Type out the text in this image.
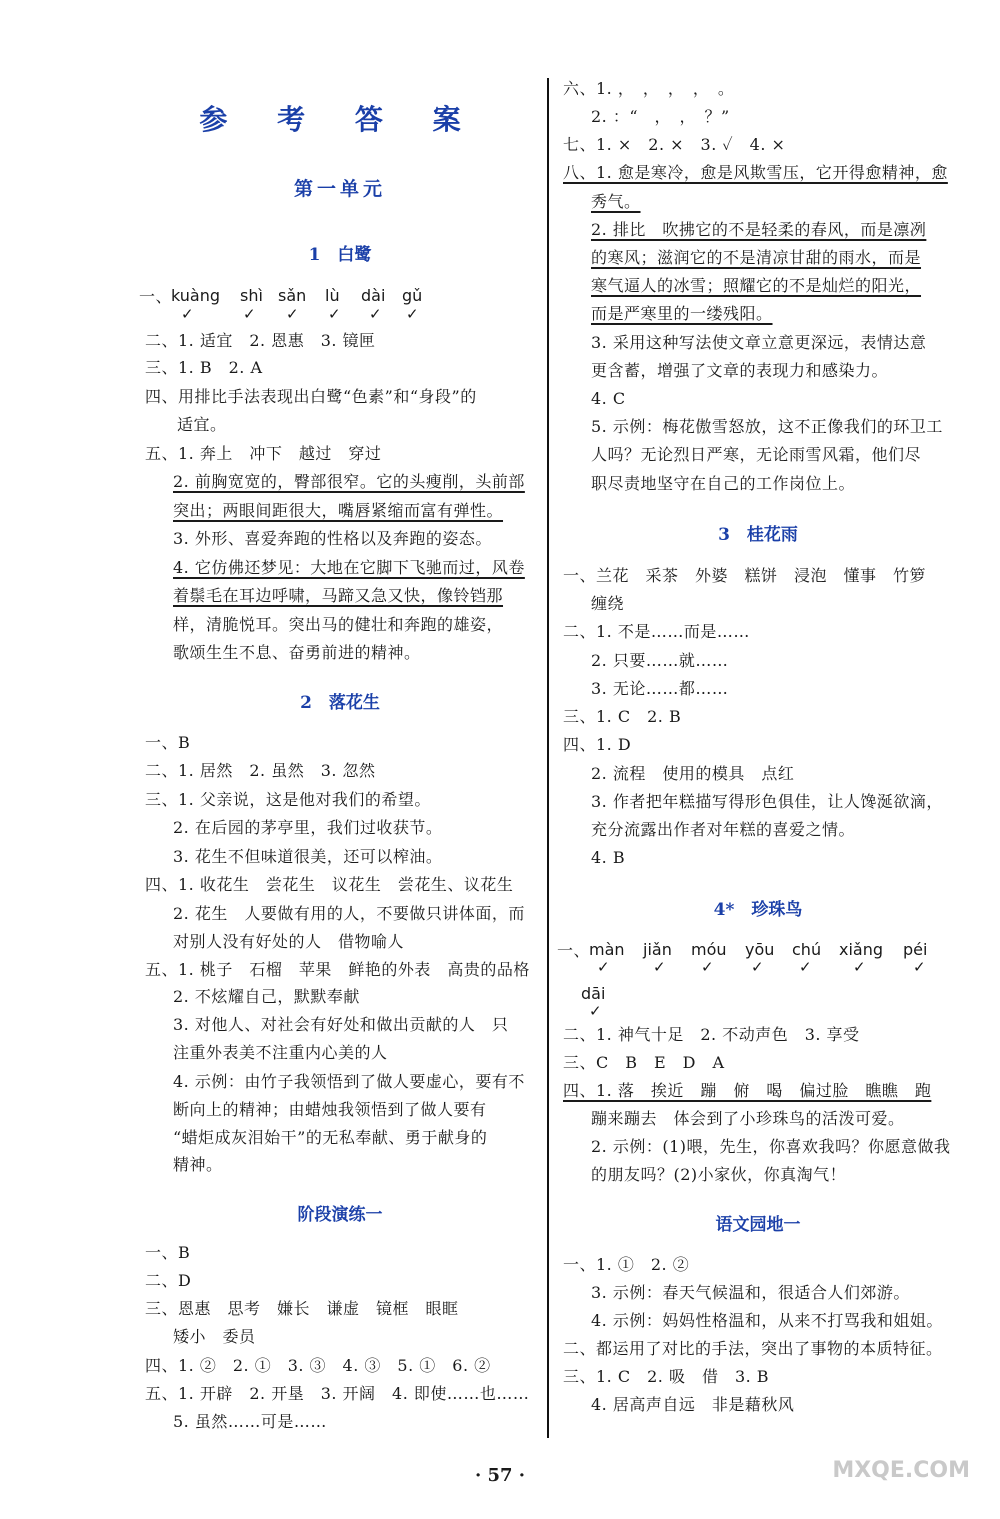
参 考 答 案
第一单元
1　白鹭
一、
kuàng shì sǎn lù dài gǔ
✓	✓ ✓ ✓ ✓ ✓
二、1. 适宜　2. 恩惠　3. 镜匣
三、1. B　2. A
四、用排比手法表现出白鹭“色素”和“身段”的
适宜。
五、1. 奔上　冲下　越过　穿过
2. 前胸宽宽的，臀部很窄。它的头瘦削，头前部
突出；两眼间距很大，嘴唇紧缩而富有弹性。
3. 外形、喜爱奔跑的性格以及奔跑的姿态。
4. 它仿佛还梦见：大地在它脚下飞驰而过，风卷
着鬃毛在耳边呼啸，马蹄又急又快，像铃铛那
样，清脆悦耳。突出马的健壮和奔跑的雄姿，
歌颂生生不息、奋勇前进的精神。
2　落花生
一、B
二、1. 居然　2. 虽然　3. 忽然
三、1. 父亲说，这是他对我们的希望。
2. 在后园的茅亭里，我们过收获节。
3. 花生不但味道很美，还可以榨油。
四、1. 收花生　尝花生　议花生　尝花生、议花生
2. 花生　人要做有用的人，不要做只讲体面，而
对别人没有好处的人　借物喻人
五、1. 桃子　石榴　苹果　鲜艳的外表　高贵的品格
2. 不炫耀自己，默默奉献
3. 对他人、对社会有好处和做出贡献的人　只
注重外表美不注重内心美的人
4. 示例：由竹子我领悟到了做人要虚心，要有不
断向上的精神；由蜡烛我领悟到了做人要有
“蜡炬成灰泪始干”的无私奉献、勇于献身的
精神。
阶段演练一
一、B
二、D
三、恩惠　思考　嫌长　谦虚　镜框　眼眶
矮小　委员
四、1. ②　2. ①　3. ③　4. ③　5. ①　6. ②
五、1. 开辟　2. 开垦　3. 开阔　4. 即使……也……
5. 虽然……可是……
六、1. ，　，　，　，　。
2. ：“　，　，　？”
七、1. ×　2. ×　3. ✓　4. ×
八、1. 愈是寒冷，愈是风欺雪压，它开得愈精神，愈
秀气。
2. 排比　吹拂它的不是轻柔的春风，而是凛冽
的寒风；滋润它的不是清凉甘甜的雨水，而是
寒气逼人的冰雪；照耀它的不是灿烂的阳光，
而是严寒里的一缕残阳。
3. 采用这种写法使文章立意更深远，表情达意
更含蓄，增强了文章的表现力和感染力。
4. C
5. 示例：梅花傲雪怒放，这不正像我们的环卫工
人吗？无论烈日严寒，无论雨雪风霜，他们尽
职尽责地坚守在自己的工作岗位上。
3　桂花雨
一、兰花　采茶　外婆　糕饼　浸泡　懂事　竹箩
缠绕
二、1. 不是……而是……
2. 只要……就……
3. 无论……都……
三、1. C　2. B
四、1. D
2. 流程　使用的模具　点红
3. 作者把年糕描写得形色俱佳，让人馋涎欲滴，
充分流露出作者对年糕的喜爱之情。
4. B
4*　珍珠鸟
一、
màn jiǎn móu yōu chú xiǎng péi
✓	✓ ✓ ✓ ✓	✓	✓
dāi
✓
二、1. 神气十足　2. 不动声色　3. 享受
三、C　B　E　D　A
四、1. 落　挨近　蹦　俯　喝　偏过脸　瞧瞧　跑
蹦来蹦去　体会到了小珍珠鸟的活泼可爱。
2. 示例：(1)喂，先生，你喜欢我吗？你愿意做我
的朋友吗？(2)小家伙，你真淘气！
语文园地一
一、1. ①　2. ②
3. 示例：春天气候温和，很适合人们郊游。
4. 示例：妈妈性格温和，从来不打骂我和姐姐。
二、都运用了对比的手法，突出了事物的本质特征。
三、1. C　2. 吸　借　3. B
4. 居高声自远　非是藉秋风
· 57 ·	MXQE.COM
